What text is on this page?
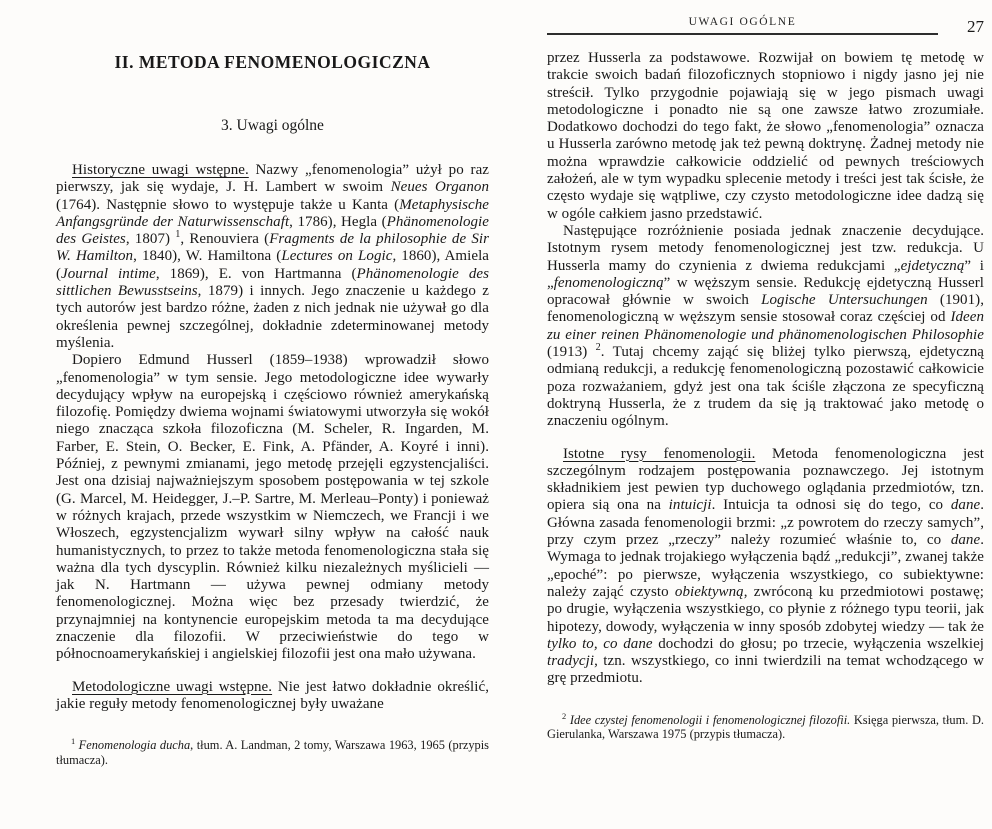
II. METODA FENOMENOLOGICZNA
3. Uwagi ogólne

Historyczne uwagi wstępne. Nazwy „fenomenologia” użył po raz pierwszy, jak się wydaje, J. H. Lambert w swoim Neues Organon (1764). Następnie słowo to występuje także u Kanta (Metaphysische Anfangsgründe der Naturwissenschaft, 1786), Hegla (Phänomenologie des Geistes, 1807) $^1$, Renouviera (Fragments de la philosophie de Sir W. Hamilton, 1840), W. Hamiltona (Lectures on Logic, 1860), Amiela (Journal intime, 1869), E. von Hartmanna (Phänomenologie des sittlichen Bewusstseins, 1879) i innych. Jego znaczenie u każdego z tych autorów jest bardzo różne, żaden z nich jednak nie używał go dla określenia pewnej szczególnej, dokładnie zdeterminowanej metody myślenia.

Dopiero Edmund Husserl (1859–1938) wprowadził słowo „fenomenologia” w tym sensie. Jego metodologiczne idee wywarły decydujący wpływ na europejską i częściowo również amerykańską filozofię. Pomiędzy dwiema wojnami światowymi utworzyła się wokół niego znacząca szkoła filozoficzna (M. Scheler, R. Ingarden, M. Farber, E. Stein, O. Becker, E. Fink, A. Pfänder, A. Koyré i inni). Później, z pewnymi zmianami, jego metodę przejęli egzystencjaliści. Jest ona dzisiaj najważniejszym sposobem postępowania w tej szkole (G. Marcel, M. Heidegger, J.–P. Sartre, M. Merleau–Ponty) i ponieważ w różnych krajach, przede wszystkim w Niemczech, we Francji i we Włoszech, egzystencjalizm wywarł silny wpływ na całość nauk humanistycznych, to przez to także metoda fenomenologiczna stała się ważna dla tych dyscyplin. Również kilku niezależnych myślicieli — jak N. Hartmann — używa pewnej odmiany metody fenomenologicznej. Można więc bez przesady twierdzić, że przynajmniej na kontynencie europejskim metoda ta ma decydujące znaczenie dla filozofii. W przeciwieństwie do tego w północnoamerykańskiej i angielskiej filozofii jest ona mało używana.

Metodologiczne uwagi wstępne. Nie jest łatwo dokładnie określić, jakie reguły metody fenomenologicznej były uważane

$^1$ Fenomenologia ducha, tłum. A. Landman, 2 tomy, Warszawa 1963, 1965 (przypis tłumacza).
UWAGI OGÓLNE	27

przez Husserla za podstawowe. Rozwijał on bowiem tę metodę w trakcie swoich badań filozoficznych stopniowo i nigdy jasno jej nie streścił. Tylko przygodnie pojawiają się w jego pismach uwagi metodologiczne i ponadto nie są one zawsze łatwo zrozumiałe. Dodatkowo dochodzi do tego fakt, że słowo „fenomenologia” oznacza u Husserla zarówno metodę jak też pewną doktrynę. Żadnej metody nie można wprawdzie całkowicie oddzielić od pewnych treściowych założeń, ale w tym wypadku splecenie metody i treści jest tak ścisłe, że często wydaje się wątpliwe, czy czysto metodologiczne idee dadzą się w ogóle całkiem jasno przedstawić.

Następujące rozróżnienie posiada jednak znaczenie decydujące. Istotnym rysem metody fenomenologicznej jest tzw. redukcja. U Husserla mamy do czynienia z dwiema redukcjami „ejdetyczną” i „fenomenologiczną” w węższym sensie. Redukcję ejdetyczną Husserl opracował głównie w swoich Logische Untersuchungen (1901), fenomenologiczną w węższym sensie stosował coraz częściej od Ideen zu einer reinen Phänomenologie und phänomenologischen Philosophie (1913) $^2$. Tutaj chcemy zająć się bliżej tylko pierwszą, ejdetyczną odmianą redukcji, a redukcję fenomenologiczną pozostawić całkowicie poza rozważaniem, gdyż jest ona tak ściśle złączona ze specyficzną doktryną Husserla, że z trudem da się ją traktować jako metodę o znaczeniu ogólnym.

Istotne rysy fenomenologii. Metoda fenomenologiczna jest szczególnym rodzajem postępowania poznawczego. Jej istotnym składnikiem jest pewien typ duchowego oglądania przedmiotów, tzn. opiera sią ona na intuicji. Intuicja ta odnosi się do tego, co dane. Główna zasada fenomenologii brzmi: „z powrotem do rzeczy samych”, przy czym przez „rzeczy” należy rozumieć właśnie to, co dane. Wymaga to jednak trojakiego wyłączenia bądź „redukcji”, zwanej także „epoché”: po pierwsze, wyłączenia wszystkiego, co subiektywne: należy zająć czysto obiektywną, zwróconą ku przedmiotowi postawę; po drugie, wyłączenia wszystkiego, co płynie z różnego typu teorii, jak hipotezy, dowody, wyłączenia w inny sposób zdobytej wiedzy — tak że tylko to, co dane dochodzi do głosu; po trzecie, wyłączenia wszelkiej tradycji, tzn. wszystkiego, co inni twierdzili na temat wchodzącego w grę przedmiotu.

$^2$ Idee czystej fenomenologii i fenomenologicznej filozofii. Księga pierwsza, tłum. D. Gierulanka, Warszawa 1975 (przypis tłumacza).
